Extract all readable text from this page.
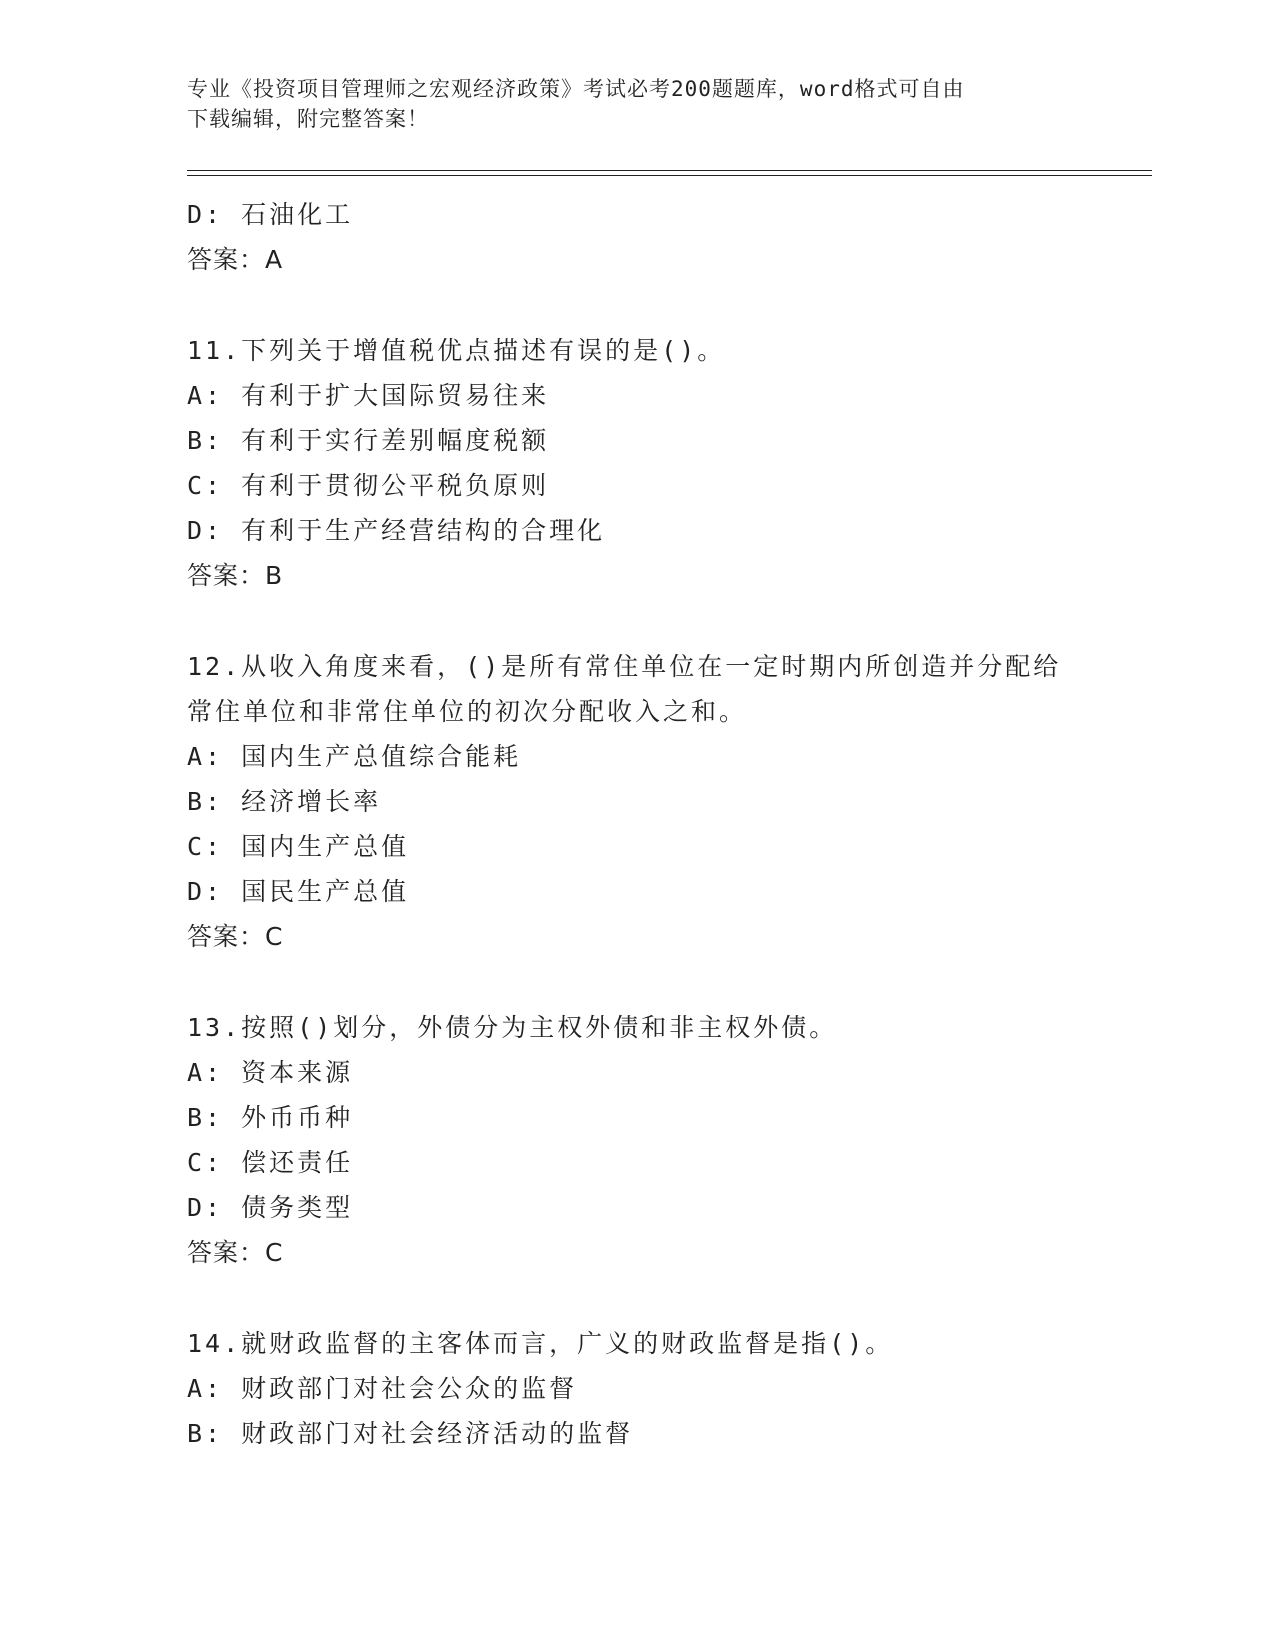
专业《投资项目管理师之宏观经济政策》考试必考200题题库，word格式可自由
下载编辑，附完整答案！
D: 石油化工
答案：A
11.下列关于增值税优点描述有误的是()。
A: 有利于扩大国际贸易往来
B: 有利于实行差别幅度税额
C: 有利于贯彻公平税负原则
D: 有利于生产经营结构的合理化
答案：B
12.从收入角度来看，()是所有常住单位在一定时期内所创造并分配给
常住单位和非常住单位的初次分配收入之和。
A: 国内生产总值综合能耗
B: 经济增长率
C: 国内生产总值
D: 国民生产总值
答案：C
13.按照()划分，外债分为主权外债和非主权外债。
A: 资本来源
B: 外币币种
C: 偿还责任
D: 债务类型
答案：C
14.就财政监督的主客体而言，广义的财政监督是指()。
A: 财政部门对社会公众的监督
B: 财政部门对社会经济活动的监督
